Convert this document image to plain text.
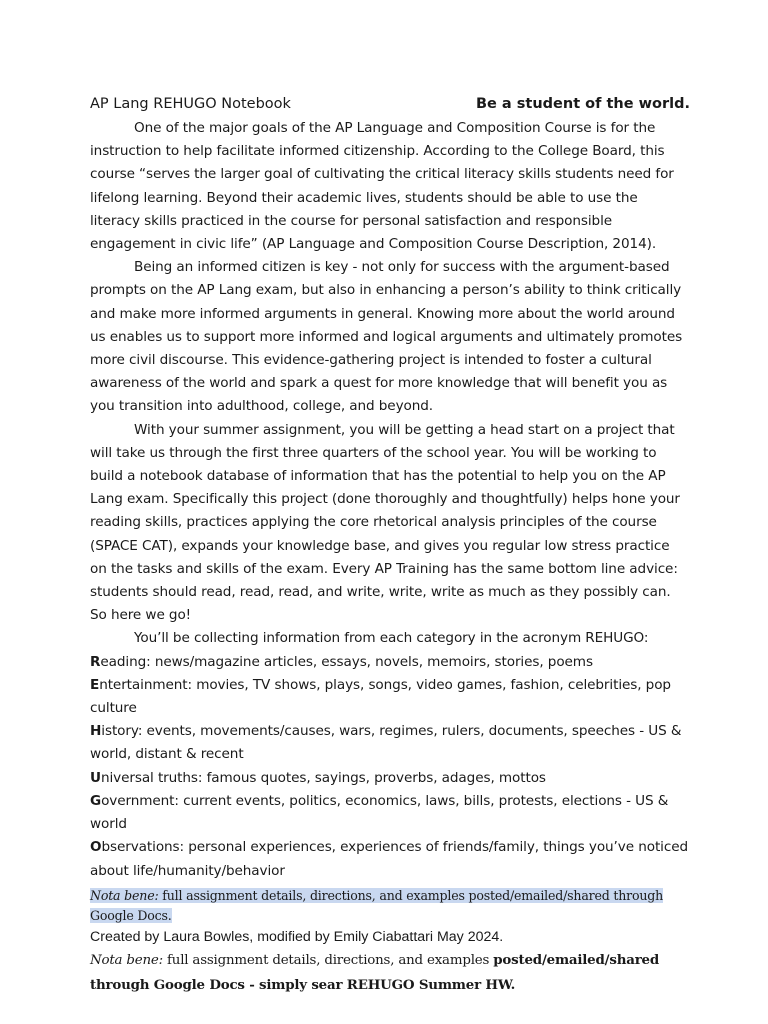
AP Lang REHUGO Notebook	Be a student of the world.

One of the major goals of the AP Language and Composition Course is for the instruction to help facilitate informed citizenship. According to the College Board, this course “serves the larger goal of cultivating the critical literacy skills students need for lifelong learning. Beyond their academic lives, students should be able to use the literacy skills practiced in the course for personal satisfaction and responsible engagement in civic life” (AP Language and Composition Course Description, 2014).

Being an informed citizen is key - not only for success with the argument-based prompts on the AP Lang exam, but also in enhancing a person’s ability to think critically and make more informed arguments in general. Knowing more about the world around us enables us to support more informed and logical arguments and ultimately promotes more civil discourse. This evidence-gathering project is intended to foster a cultural awareness of the world and spark a quest for more knowledge that will benefit you as you transition into adulthood, college, and beyond.

With your summer assignment, you will be getting a head start on a project that will take us through the first three quarters of the school year. You will be working to build a notebook database of information that has the potential to help you on the AP Lang exam. Specifically this project (done thoroughly and thoughtfully) helps hone your reading skills, practices applying the core rhetorical analysis principles of the course (SPACE CAT), expands your knowledge base, and gives you regular low stress practice on the tasks and skills of the exam. Every AP Training has the same bottom line advice: students should read, read, read, and write, write, write as much as they possibly can. So here we go!

You’ll be collecting information from each category in the acronym REHUGO:

Reading: news/magazine articles, essays, novels, memoirs, stories, poems

Entertainment: movies, TV shows, plays, songs, video games, fashion, celebrities, pop culture

History: events, movements/causes, wars, regimes, rulers, documents, speeches - US & world, distant & recent

Universal truths: famous quotes, sayings, proverbs, adages, mottos

Government: current events, politics, economics, laws, bills, protests, elections - US & world

Observations: personal experiences, experiences of friends/family, things you’ve noticed about life/humanity/behavior

Nota bene: full assignment details, directions, and examples posted/emailed/shared through Google Docs.
Created by Laura Bowles, modified by Emily Ciabattari May 2024.
Nota bene: full assignment details, directions, and examples posted/emailed/shared through Google Docs - simply sear REHUGO Summer HW.
